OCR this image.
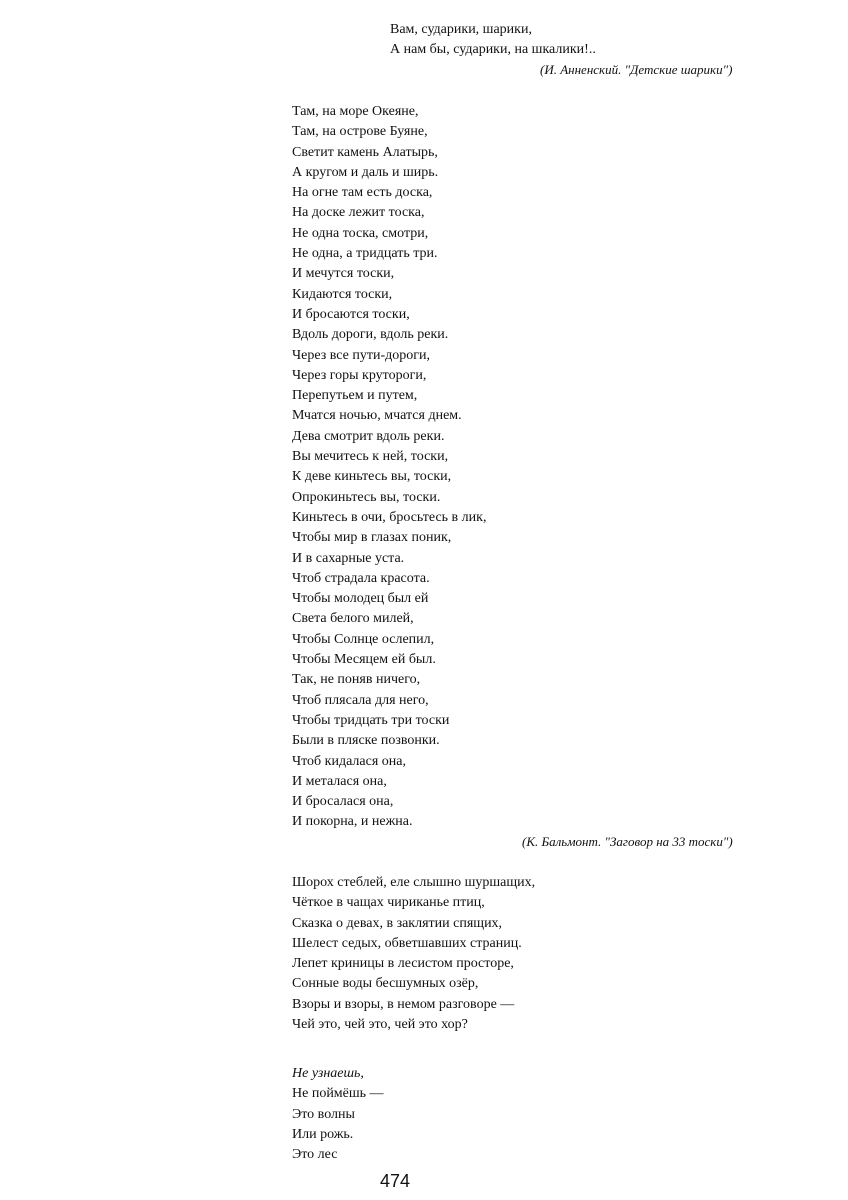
Вам, сударики, шарики,
А нам бы, сударики, на шкалики!..
(И. Анненский. "Детские шарики")
Там, на море Океяне,
Там, на острове Буяне,
Светит камень Алатырь,
А кругом и даль и ширь.
На огне там есть доска,
На доске лежит тоска,
Не одна тоска, смотри,
Не одна, а тридцать три.
И мечутся тоски,
Кидаются тоски,
И бросаются тоски,
Вдоль дороги, вдоль реки.
Через все пути-дороги,
Через горы крутороги,
Перепутьем и путем,
Мчатся ночью, мчатся днем.
Дева смотрит вдоль реки.
Вы мечитесь к ней, тоски,
К деве киньтесь вы, тоски,
Опрокиньтесь вы, тоски.
Киньтесь в очи, бросьтесь в лик,
Чтобы мир в глазах поник,
И в сахарные уста.
Чтоб страдала красота.
Чтобы молодец был ей
Света белого милей,
Чтобы Солнце ослепил,
Чтобы Месяцем ей был.
Так, не поняв ничего,
Чтоб плясала для него,
Чтобы тридцать три тоски
Были в пляске позвонки.
Чтоб кидалася она,
И металася она,
И бросалася она,
И покорна, и нежна.
(К. Бальмонт. "Заговор на 33 тоски")
Шорох стеблей, еле слышно шуршащих,
Чёткое в чащах чириканье птиц,
Сказка о девах, в заклятии спящих,
Шелест седых, обветшавших страниц.
Лепет криницы в лесистом просторе,
Сонные воды бесшумных озёр,
Взоры и взоры, в немом разговоре —
Чей это, чей это, чей это хор?
Не узнаешь,
Не поймёшь —
Это волны
Или рожь.
Это лес
474
